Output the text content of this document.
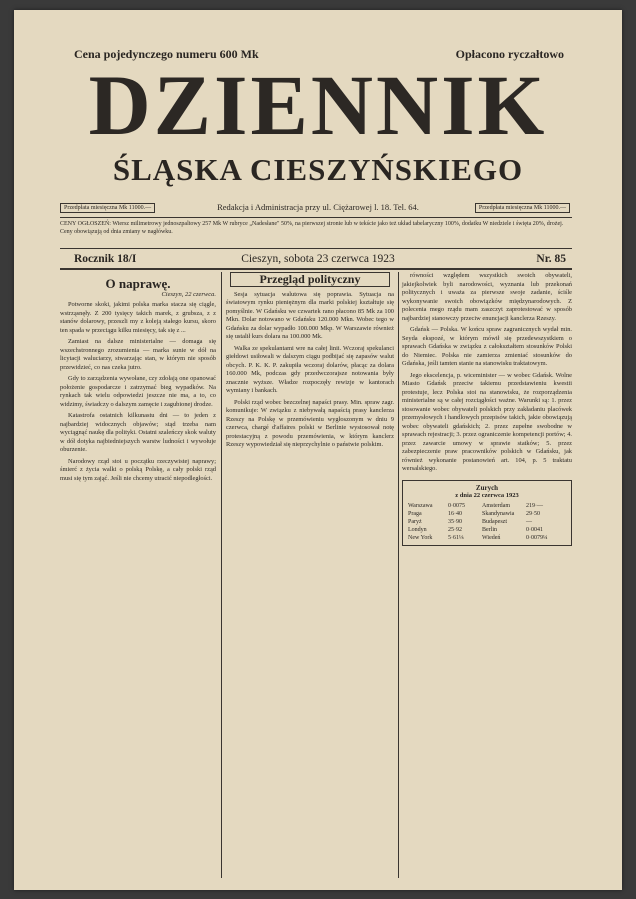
Cena pojedynczego numeru 600 Mk	Opłacono ryczałtowo
DZIENNIK
ŚLĄSKA CIESZYŃSKIEGO
Przedpłata miesięczna Mk 11000.—	Redakcja i Administracja przy ul. Ciężarowej l. 18. Tel. 64.	Przedpłata miesięczna Mk 11000.—
CENY OGŁOSZEŃ: Wiersz milimetrowy jednoszpaltowy 257 Mk W rubryce „Nadesłane" 50%, na pierwszej stronie lub w tekście jako też układ tabelaryczny 100%, dodatku W niedziele i święta 20%, drożej. Ceny obowiązują od dnia zmiany w nagłówku.
Rocznik 18/I	Cieszyn, sobota 23 czerwca 1923	Nr. 85
O naprawę.
Cieszyn, 22 czerwca.

Potworne skoki, jakimi polska marka stacza się ciągle, wstrząsnęły. Z 200 tysięcy takich marek, z grubsza, z z stanów dolarowy, przeszli my z koleją stałego kursu, skoro ten spada w przeciągu kilku miesięcy, tak się z ...

Zamiast na dalsze ministerialne — domaga się wszechstronnego zrozumienia — marka sunie w dół na licytacji waluciarzy, stwarzając stan, w którym nie sposób przewidzieć, co nas czeka jutro.

Gdy to zarządzenia wywołane, czy zdołają one opanować położenie gospodarcze i zatrzymać bieg wypadków. Na rynkach tak wielu odpowiedzi jeszcze nie ma, a to, co widzimy, świadczy o dalszym zamęcie i zagubionej drodze.

Katastrofa ostatnich kilkunastu dni — to jeden z najbardziej widocznych objawów; stąd trzeba nam wyciągnąć naukę dla polityki. Ostatni szaleńczy skok waluty w dół dotyka najbiedniejszych warstw ludności i wywołuje oburzenie.

Narodowy rząd stoi u początku rzeczywistej naprawy; śmierć z życia walki o polską Polskę, a cały polski rząd musi się tym zająć. Jeśli nie chcemy utracić niepodległości.

Przegląd polityczny

Sesja sytuacja walutowa się poprawia. Sytuacja na światowym rynku pieniężnym dla marki polskiej kształtuje się pomyślnie. W Gdańsku we czwartek rano płacono 85 Mk za 100 Mkn. Dolar notowano w Gdańsku 120.000 Mkn. Wobec tego w Gdańsku za dolar wypadło 100.000 Mkp. W Warszawie również się ustalił kurs dolara na 100.000 Mk.

Walka ze spekulantami wre na całej linii. Wczoraj spekulanci giełdowi usiłowali w dalszym ciągu podbijać się zapasów walut obcych. P. K. K. P. zakupiła wczoraj dolarów, płacąc za dolara 160.000 Mk, podczas gdy przedwczorajsze notowania były znacznie wyższe. Władze rozpoczęły rewizje w kantorach wymiany i bankach.

Polski rząd wobec bezczelnej napaści prasy. Min. spraw zagr. komunikuje: W związku z niebywałą napaścią prasy kanclerza Rzeszy na Polskę w przemówieniu wygłoszonym w dniu 9 czerwca, chargé d'affaires polski w Berlinie wystosował notę protestacyjną z powodu przemówienia, w którym kanclerz Rzeszy wypowiedział się nieprzychylnie o państwie polskim.

równości względem wszystkich swoich obywateli, jakiejkolwiek byli narodowości, wyznania lub przekonań politycznych i uważa za pierwsze swoje zadanie, ściśle wykonywanie swoich obowiązków międzynarodowych. Z polecenia mego rządu mam zaszczyt zaprotestować w sposób najbardziej stanowczy przeciw enuncjacji kanclerza Rzeszy.

Gdańsk — Polska. W końcu spraw zagranicznych wydał min. Seyda ekspozé, w którym mówił się przedewszystkiem o sprawach Gdańska w związku z całokształtem stosunków Polski do Niemiec. Polska nie zamierza zmieniać stosunków do Gdańska, jeśli tamten stanie na stanowisku traktatowym.

Jego ekscelencja, p. wiceminister — w wobec Gdańsk. Wolne Miasto Gdańsk przeciw takiemu przedstawieniu kwestii protestuje, lecz Polska stoi na stanowisku, że rozporządzenia ministerialne są w całej rozciągłości ważne. Warunki są: 1. przez stosowanie wobec obywateli polskich przy zakładaniu placówek przemysłowych i handlowych przepisów takich, jakie obowiązują wobec obywateli gdańskich; 2. przez zupełne swobodne w sprawach rejestracji; 3. przez ograniczenie kompetencji portów; 4. przez zawarcie umowy w sprawie statków; 5. przez zabezpieczenie praw pracowników polskich w Gdańsku, jak również wykonanie postanowień art. 104, p. 5 traktatu wersalskiego.

Zurych
z dnia 22 czerwca 1923
Warszawa	0·0075	Amsterdam	219·—
Praga	16·40	Skandynawia	29·50
Paryż	35·90	Budapeszt	—
Londyn	25·92	Berlin	0·0041
New York	5·61⅛	Wiedeń	0·0079¼
